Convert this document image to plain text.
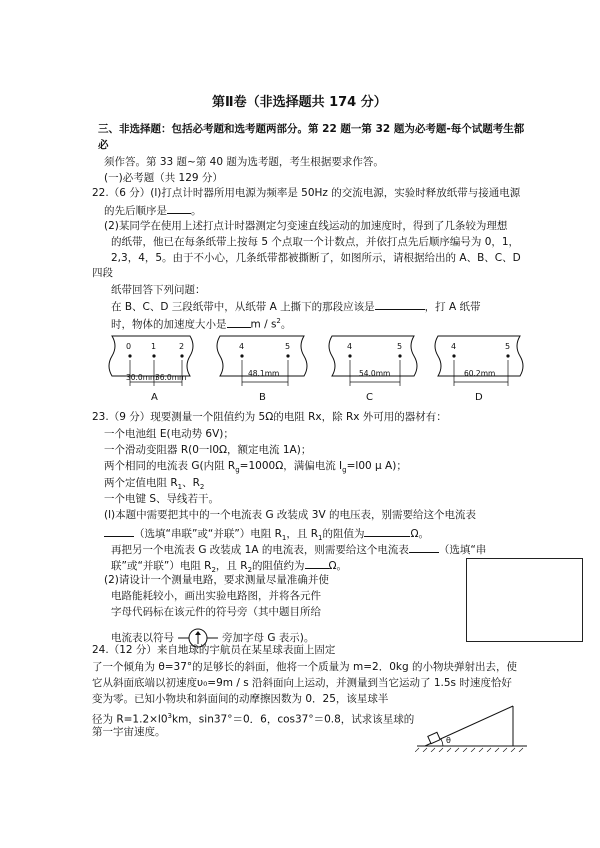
第Ⅱ卷（非选择题共 174 分）
三、非选择题：包括必考题和选考题两部分。第 22 题一第 32 题为必考题-每个试题考生都
必
须作答。第 33 题~第 40 题为选考题，考生根据要求作答。
(一)必考题（共 129 分）
22.（6 分）(l)打点计时器所用电源为频率是 50Hz 的交流电源，实验时释放纸带与接通电源
的先后顺序是 。
(2)某同学在使用上述打点计时器测定匀变速直线运动的加速度时，得到了几条较为理想
的纸带，他已在每条纸带上按每 5 个点取一个计数点，并依打点先后顺序编号为 0，1，
2,3，4，5。由于不小心，几条纸带都被撕断了，如图所示，请根据给出的 A、B、C、D
四段
纸带回答下列问题：
在 B、C、D 三段纸带中，从纸带 A 上撕下的那段应该是	，打 A 纸带
时，物体的加速度大小是 m / $s^2$。
0 1	2	4	5	4	5	4	5
30.0mm
36.0mm	48.1mm	54.0mm	60.2mm
A	B	C	D
23.（9 分）现要测量一个阻值约为 5Ω的电阻 Rx，除 Rx 外可用的器材有：
一个电池组 E(电动势 6V)；
一个滑动变阻器 R(0一l0Ω，额定电流 1A)；
两个相同的电流表 G(内阻 $R_g=1000\Omega$，满偏电流 $I_g=l00$ μ A)；
两个定值电阻 $R_1$、$R_2$
一个电键 S、导线若干。
(l)本题中需要把其中的一个电流表 G 改装成 3V 的电压表，别需要给这个电流表
（选填“串联”或“并联”）电阻 $R_1$，且 $R_1$的阻值为	Ω。
再把另一个电流表 G 改装成 1A 的电流表，则需要给这个电流表	（选填“串
联”或“并联”）电阻 $R_2$，且 $R_2$的阻值约为 Ω。
(2)请设计一个测量电路，要求测量尽量准确并使
电路能耗较小，画出实验电路图，并将各元件
字母代码标在该元件的符号旁（其中题目所给
电流表以符号	旁加字母 G 表示)。
24.（12 分）来自地球的宇航员在某星球表面上固定
了一个倾角为 θ=37°的足够长的斜面，他将一个质量为 m=2．0kg 的小物块弹射出去，使
它从斜面底端以初速度υ₀=9m / s 沿斜面向上运动，并测量到当它运动了 1.5s 时速度恰好
变为零。已知小物块和斜面间的动摩擦因数为 0．25，该星球半
径为 $R=1.2\times l0^3km$，sin37°＝0．6，cos37°＝0.8，试求该星球的
第一宇宙速度。
θ
